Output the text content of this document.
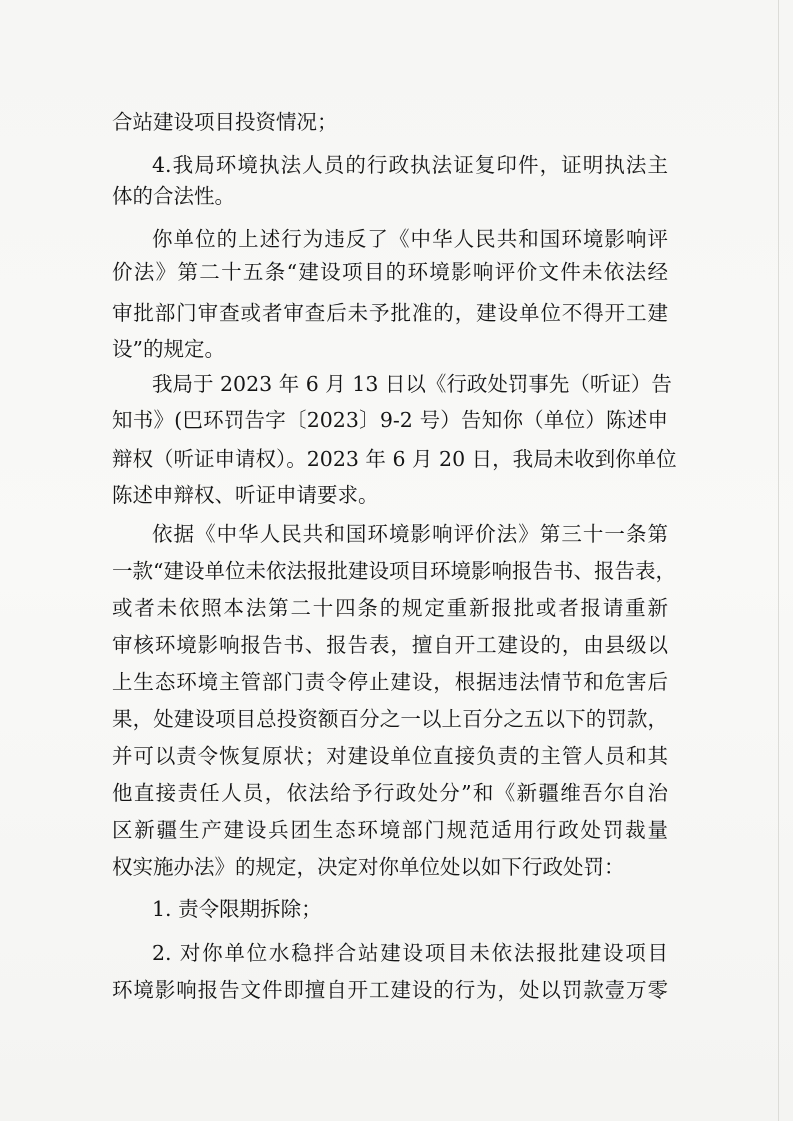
合站建设项目投资情况；
4.我局环境执法人员的行政执法证复印件，证明执法主
体的合法性。
你单位的上述行为违反了《中华人民共和国环境影响评
价法》第二十五条“建设项目的环境影响评价文件未依法经
审批部门审查或者审查后未予批准的，建设单位不得开工建
设”的规定。
我局于 2023 年 6 月 13 日以《行政处罚事先（听证）告
知书》(巴环罚告字〔2023〕9-2 号）告知你（单位）陈述申
辩权（听证申请权）。2023 年 6 月 20 日，我局未收到你单位
陈述申辩权、听证申请要求。
依据《中华人民共和国环境影响评价法》第三十一条第
一款“建设单位未依法报批建设项目环境影响报告书、报告表，
或者未依照本法第二十四条的规定重新报批或者报请重新
审核环境影响报告书、报告表，擅自开工建设的，由县级以
上生态环境主管部门责令停止建设，根据违法情节和危害后
果，处建设项目总投资额百分之一以上百分之五以下的罚款，
并可以责令恢复原状；对建设单位直接负责的主管人员和其
他直接责任人员，依法给予行政处分”和《新疆维吾尔自治
区新疆生产建设兵团生态环境部门规范适用行政处罚裁量
权实施办法》的规定，决定对你单位处以如下行政处罚：
1. 责令限期拆除；
2. 对你单位水稳拌合站建设项目未依法报批建设项目
环境影响报告文件即擅自开工建设的行为，处以罚款壹万零
